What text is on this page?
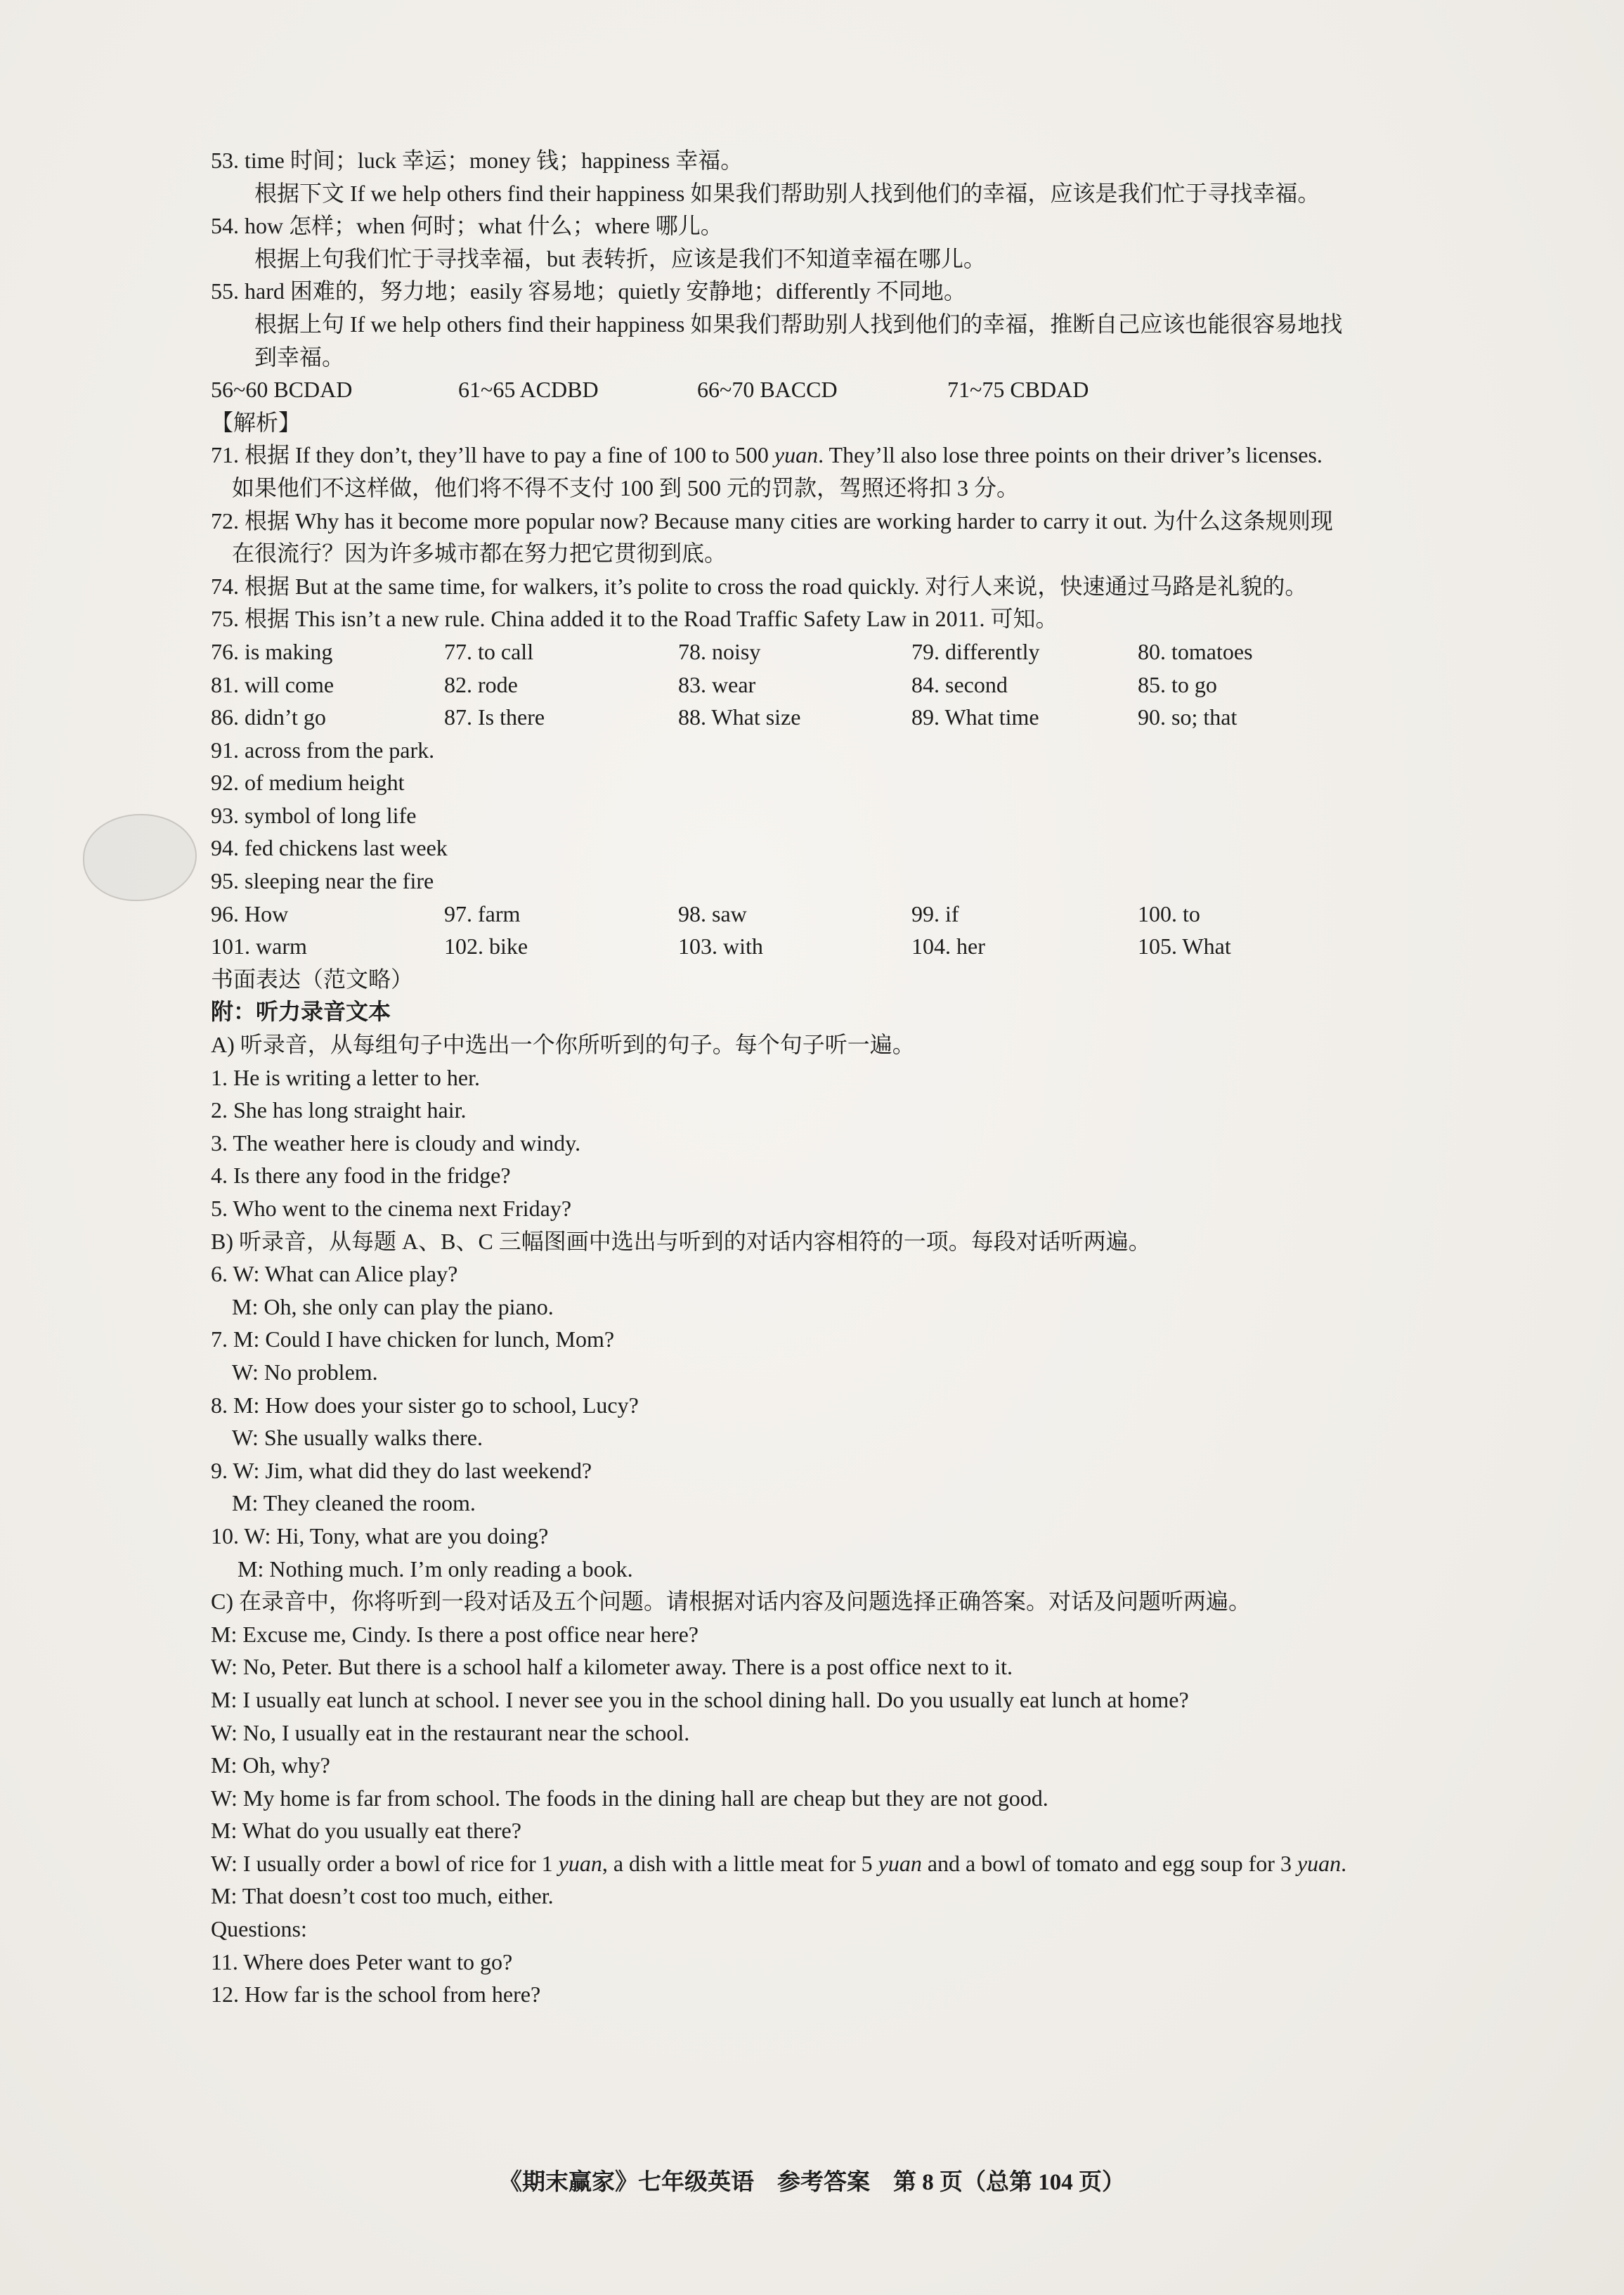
53. time 时间；luck 幸运；money 钱；happiness 幸福。
根据下文 If we help others find their happiness 如果我们帮助别人找到他们的幸福，应该是我们忙于寻找幸福。
54. how 怎样；when 何时；what 什么；where 哪儿。
根据上句我们忙于寻找幸福，but 表转折，应该是我们不知道幸福在哪儿。
55. hard 困难的，努力地；easily 容易地；quietly 安静地；differently 不同地。
根据上句 If we help others find their happiness 如果我们帮助别人找到他们的幸福，推断自己应该也能很容易地找
到幸福。
56~60 BCDAD	61~65 ACDBD	66~70 BACCD	71~75 CBDAD
【解析】
71. 根据 If they don’t, they’ll have to pay a fine of 100 to 500 yuan. They’ll also lose three points on their driver’s licenses.
如果他们不这样做，他们将不得不支付 100 到 500 元的罚款，驾照还将扣 3 分。
72. 根据 Why has it become more popular now? Because many cities are working harder to carry it out. 为什么这条规则现
在很流行？因为许多城市都在努力把它贯彻到底。
74. 根据 But at the same time, for walkers, it’s polite to cross the road quickly. 对行人来说，快速通过马路是礼貌的。
75. 根据 This isn’t a new rule. China added it to the Road Traffic Safety Law in 2011. 可知。
76. is making	77. to call	78. noisy	79. differently	80. tomatoes
81. will come	82. rode	83. wear	84. second	85. to go
86. didn’t go	87. Is there	88. What size	89. What time	90. so; that
91. across from the park.
92. of medium height
93. symbol of long life
94. fed chickens last week
95. sleeping near the fire
96. How	97. farm	98. saw	99. if	100. to
101. warm	102. bike	103. with	104. her	105. What
书面表达（范文略）
附：听力录音文本
A) 听录音，从每组句子中选出一个你所听到的句子。每个句子听一遍。
1. He is writing a letter to her.
2. She has long straight hair.
3. The weather here is cloudy and windy.
4. Is there any food in the fridge?
5. Who went to the cinema next Friday?
B) 听录音，从每题 A、B、C 三幅图画中选出与听到的对话内容相符的一项。每段对话听两遍。
6. W: What can Alice play?
M: Oh, she only can play the piano.
7. M: Could I have chicken for lunch, Mom?
W: No problem.
8. M: How does your sister go to school, Lucy?
W: She usually walks there.
9. W: Jim, what did they do last weekend?
M: They cleaned the room.
10. W: Hi, Tony, what are you doing?
M: Nothing much. I’m only reading a book.
C) 在录音中，你将听到一段对话及五个问题。请根据对话内容及问题选择正确答案。对话及问题听两遍。
M: Excuse me, Cindy. Is there a post office near here?
W: No, Peter. But there is a school half a kilometer away. There is a post office next to it.
M: I usually eat lunch at school. I never see you in the school dining hall. Do you usually eat lunch at home?
W: No, I usually eat in the restaurant near the school.
M: Oh, why?
W: My home is far from school. The foods in the dining hall are cheap but they are not good.
M: What do you usually eat there?
W: I usually order a bowl of rice for 1 yuan, a dish with a little meat for 5 yuan and a bowl of tomato and egg soup for 3 yuan.
M: That doesn’t cost too much, either.
Questions:
11. Where does Peter want to go?
12. How far is the school from here?
《期末赢家》七年级英语　参考答案　第 8 页（总第 104 页）
